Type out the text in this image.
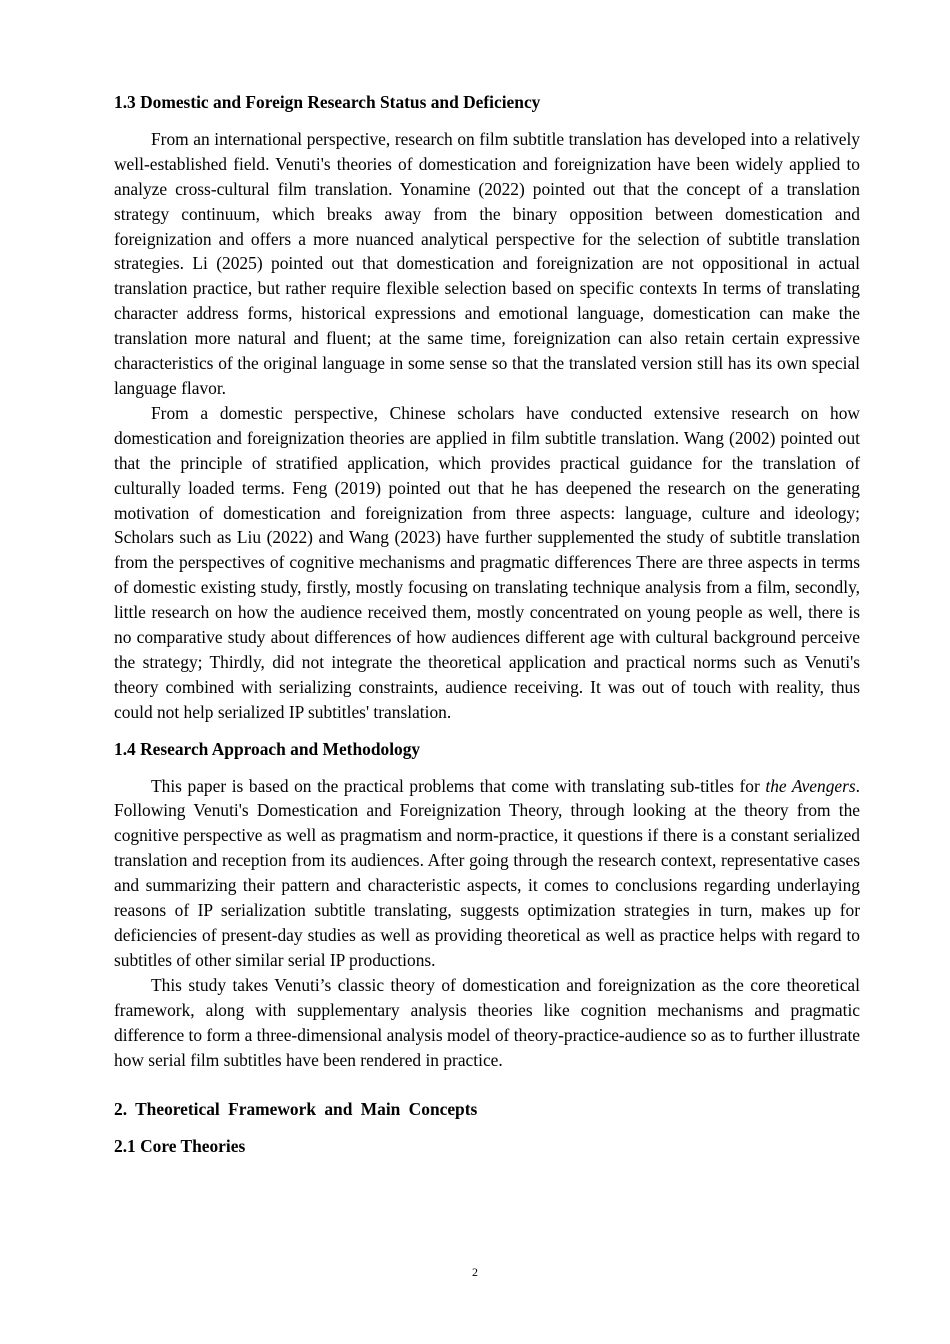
1.3 Domestic and Foreign Research Status and Deficiency

From an international perspective, research on film subtitle translation has developed into a relatively well-established field. Venuti's theories of domestication and foreignization have been widely applied to analyze cross-cultural film translation. Yonamine (2022) pointed out that the concept of a translation strategy continuum, which breaks away from the binary opposition between domestication and foreignization and offers a more nuanced analytical perspective for the selection of subtitle translation strategies. Li (2025) pointed out that domestication and foreignization are not oppositional in actual translation practice, but rather require flexible selection based on specific contexts In terms of translating character address forms, historical expressions and emotional language, domestication can make the translation more natural and fluent; at the same time, foreignization can also retain certain expressive characteristics of the original language in some sense so that the translated version still has its own special language flavor.

From a domestic perspective, Chinese scholars have conducted extensive research on how domestication and foreignization theories are applied in film subtitle translation. Wang (2002) pointed out that the principle of stratified application, which provides practical guidance for the translation of culturally loaded terms. Feng (2019) pointed out that he has deepened the research on the generating motivation of domestication and foreignization from three aspects: language, culture and ideology; Scholars such as Liu (2022) and Wang (2023) have further supplemented the study of subtitle translation from the perspectives of cognitive mechanisms and pragmatic differences There are three aspects in terms of domestic existing study, firstly, mostly focusing on translating technique analysis from a film, secondly, little research on how the audience received them, mostly concentrated on young people as well, there is no comparative study about differences of how audiences different age with cultural background perceive the strategy; Thirdly, did not integrate the theoretical application and practical norms such as Venuti's theory combined with serializing constraints, audience receiving. It was out of touch with reality, thus could not help serialized IP subtitles' translation.

1.4 Research Approach and Methodology

This paper is based on the practical problems that come with translating sub-titles for the Avengers. Following Venuti's Domestication and Foreignization Theory, through looking at the theory from the cognitive perspective as well as pragmatism and norm-practice, it questions if there is a constant serialized translation and reception from its audiences. After going through the research context, representative cases and summarizing their pattern and characteristic aspects, it comes to conclusions regarding underlaying reasons of IP serialization subtitle translating, suggests optimization strategies in turn, makes up for deficiencies of present-day studies as well as providing theoretical as well as practice helps with regard to subtitles of other similar serial IP productions.

This study takes Venuti’s classic theory of domestication and foreignization as the core theoretical framework, along with supplementary analysis theories like cognition mechanisms and pragmatic difference to form a three-dimensional analysis model of theory-practice-audience so as to further illustrate how serial film subtitles have been rendered in practice.

2. Theoretical Framework and Main Concepts
2.1 Core Theories
2
